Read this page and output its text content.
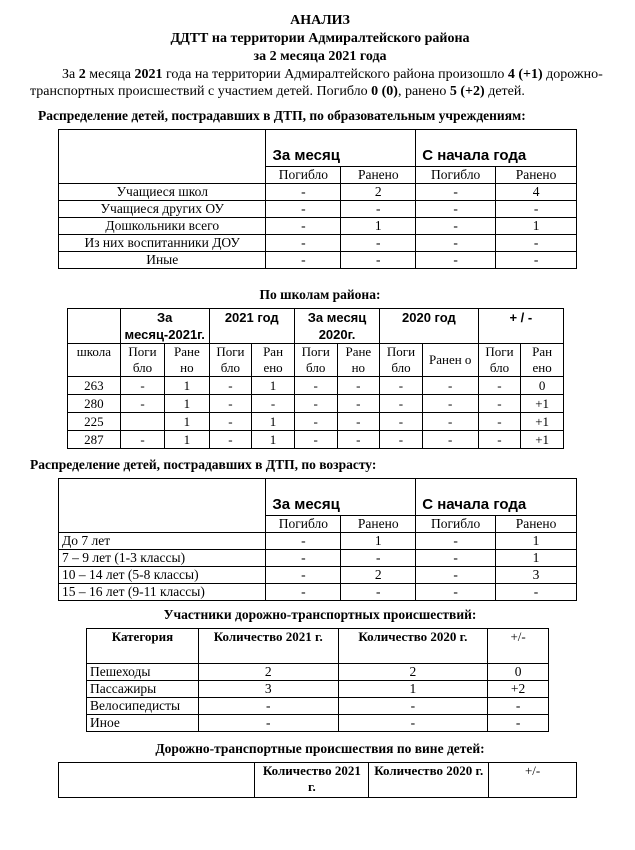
АНАЛИЗ
ДДТТ на территории Адмиралтейского района
за 2 месяца 2021 года

За 2 месяца 2021 года на территории Адмиралтейского района произошло 4 (+1) дорожно-транспортных происшествий с участием детей. Погибло 0 (0), ранено 5 (+2) детей.

Распределение детей, пострадавших в ДТП, по образовательным учреждениям:
	За месяц		С начала года	
	Погибло	Ранено	Погибло	Ранено
Учащиеся школ	-	2	-	4
Учащиеся других ОУ	-	-	-	-
Дошкольники всего	-	1	-	1
Из них воспитанники ДОУ	-	-	-	-
Иные	-	-	-	-
По школам района:
	За месяц-2021г.		2021 год		За месяц 2020г.		2020 год		+ / -	
школа	Поги бло	Ране но	Поги бло	Ран ено	Поги бло	Ране но	Поги бло	Ранен о	Поги бло	Ран ено
263	-	1	-	1	-	-	-	-	-	0
280	-	1	-	-	-	-	-	-	-	+1
225		1	-	1	-	-	-	-	-	+1
287	-	1	-	1	-	-	-	-	-	+1
Распределение детей, пострадавших в ДТП, по возрасту:
	За месяц		С начала года	
	Погибло	Ранено	Погибло	Ранено
До 7 лет	-	1	-	1
7 – 9 лет (1-3 классы)	-	-	-	1
10 – 14 лет (5-8 классы)	-	2	-	3
15 – 16 лет (9-11 классы)	-	-	-	-
Участники дорожно-транспортных происшествий:
Категория	Количество 2021 г.	Количество 2020 г.	+/-
Пешеходы	2	2	0
Пассажиры	3	1	+2
Велосипедисты	-	-	-
Иное	-	-	-
Дорожно-транспортные происшествия по вине детей:
	Количество 2021 г.	Количество 2020 г.	+/-
